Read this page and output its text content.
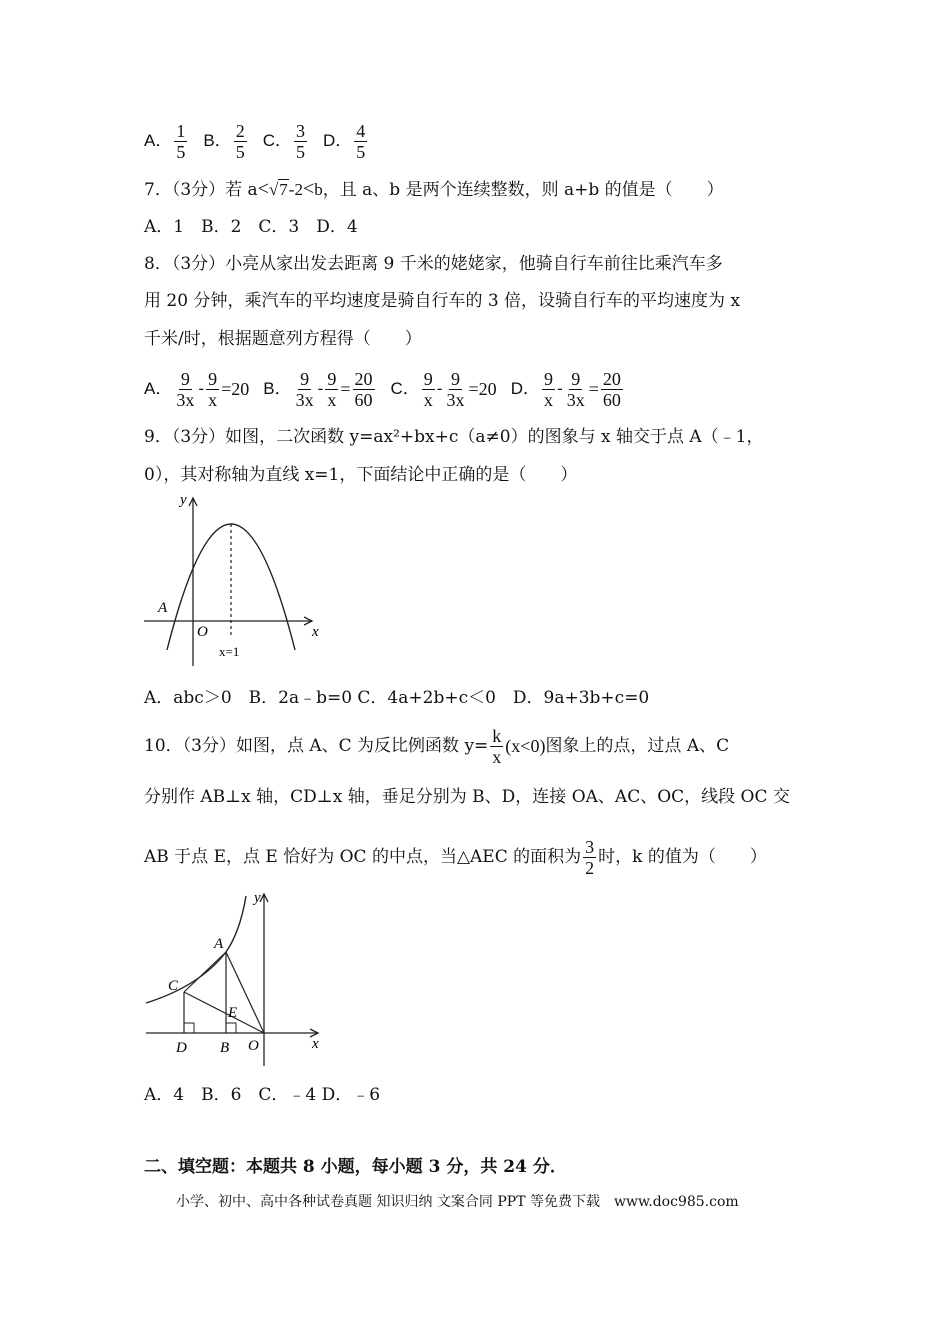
A． $\frac{1}{5}$ B． $\frac{2}{5}$ C． $\frac{3}{5}$ D． $\frac{4}{5}$
7．（3分）若 a<√7-2<b，且 a、b 是两个连续整数，则 a+b 的值是（　　）
A．1　B．2　C．3　D．4
8．（3分）小亮从家出发去距离 9 千米的姥姥家，他骑自行车前往比乘汽车多
用 20 分钟，乘汽车的平均速度是骑自行车的 3 倍，设骑自行车的平均速度为 x
千米/时，根据题意列方程得（　　）
A． $\frac{9}{3x} - \frac{9}{x} =20$ B． $\frac{9}{3x} - \frac{9}{x} = \frac{20}{60}$ C． $\frac{9}{x} - \frac{9}{3x} =20$ D． $\frac{9}{x} - \frac{9}{3x} = \frac{20}{60}$
9．（3分）如图，二次函数 y=ax²+bx+c（a≠0）的图象与 x 轴交于点 A（﹣1，
0），其对称轴为直线 x=1，下面结论中正确的是（　　）
y
x
A
O
x=1
A．abc＞0　B．2a﹣b=0 C．4a+2b+c＜0　D．9a+3b+c=0
10．（3分）如图，点 A、C 为反比例函数 $y= \frac{k}{x} (x<0)$ 图象上的点，过点 A、C
分别作 AB⊥x 轴，CD⊥x 轴，垂足分别为 B、D，连接 OA、AC、OC，线段 OC 交
AB 于点 E，点 E 恰好为 OC 的中点，当△AEC 的面积为 $\frac{3}{2}$ 时，k 的值为（　　）
y
x
A
C
E
D B O
A．4　B．6　C．﹣4 D．﹣6
二、填空题：本题共 8 小题，每小题 3 分，共 24 分．
小学、初中、高中各种试卷真题 知识归纳 文案合同 PPT 等免费下载　www.doc985.com
